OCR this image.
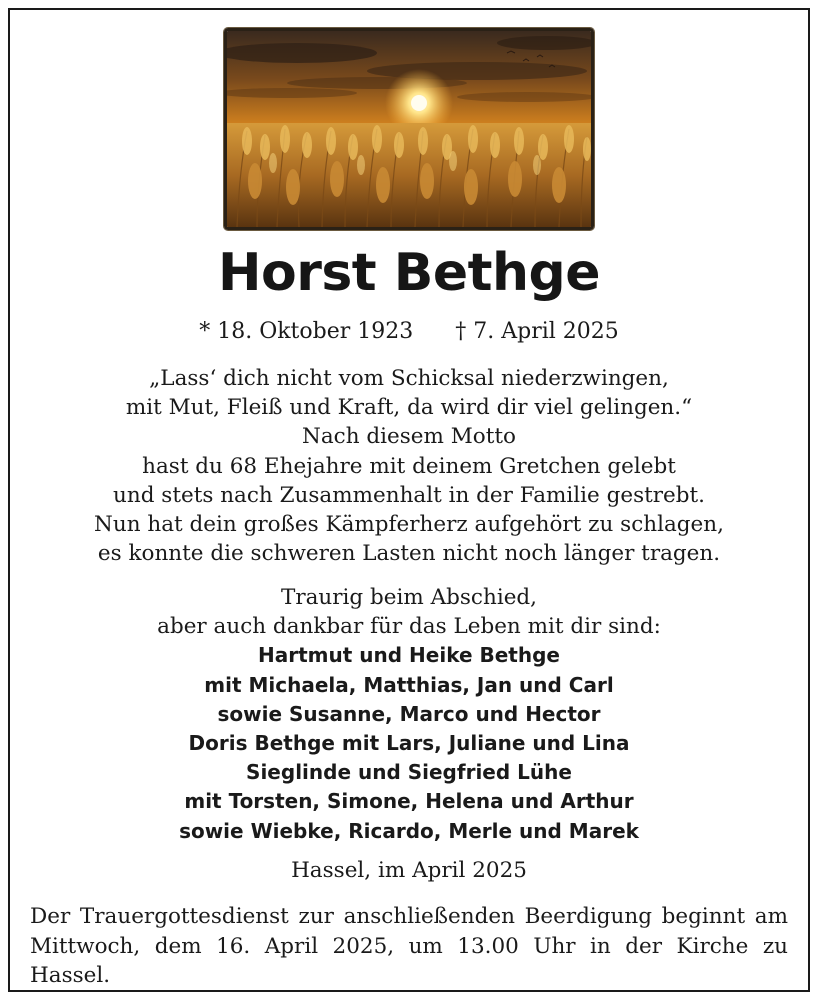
Horst Bethge
* 18. Oktober 1923 † 7. April 2025
„Lass‘ dich nicht vom Schicksal niederzwingen,
mit Mut, Fleiß und Kraft, da wird dir viel gelingen.“
Nach diesem Motto
hast du 68 Ehejahre mit deinem Gretchen gelebt
und stets nach Zusammenhalt in der Familie gestrebt.
Nun hat dein großes Kämpferherz aufgehört zu schlagen,
es konnte die schweren Lasten nicht noch länger tragen.
Traurig beim Abschied,
aber auch dankbar für das Leben mit dir sind:
Hartmut und Heike Bethge
mit Michaela, Matthias, Jan und Carl
sowie Susanne, Marco und Hector
Doris Bethge mit Lars, Juliane und Lina
Sieglinde und Siegfried Lühe
mit Torsten, Simone, Helena und Arthur
sowie Wiebke, Ricardo, Merle und Marek
Hassel, im April 2025
Der Trauergottesdienst zur anschließenden Beerdigung beginnt am
Mittwoch, dem 16. April 2025, um 13.00 Uhr in der Kirche zu Hassel.
